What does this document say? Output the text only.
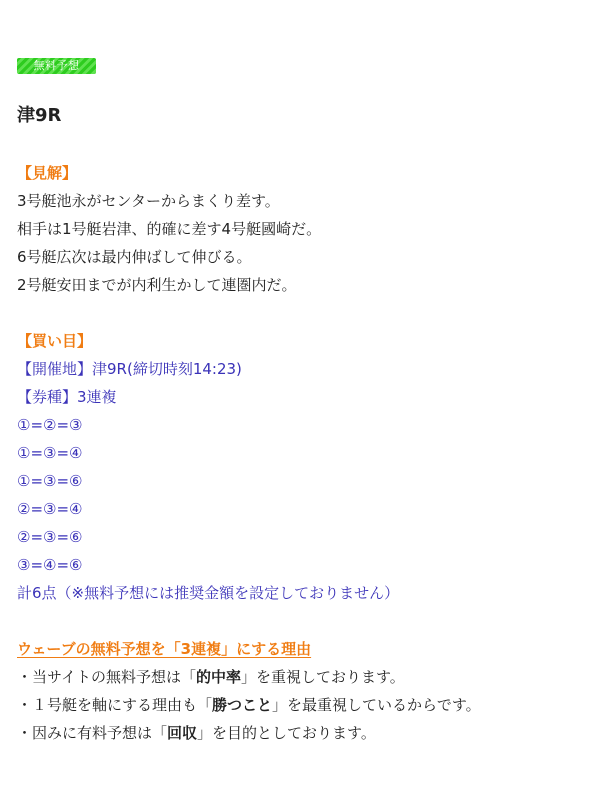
無料予想
津9R
【見解】
3号艇池永がセンターからまくり差す。
相手は1号艇岩津、的確に差す4号艇國崎だ。
6号艇広次は最内伸ばして伸びる。
2号艇安田までが内利生かして連圏内だ。
【買い目】
【開催地】津9R(締切時刻14:23)
【券種】3連複
①=②=③
①=③=④
①=③=⑥
②=③=④
②=③=⑥
③=④=⑥
計6点（※無料予想には推奨金額を設定しておりません）
ウェーブの無料予想を「3連複」にする理由
・当サイトの無料予想は「的中率」を重視しております。
・１号艇を軸にする理由も「勝つこと」を最重視しているからです。
・因みに有料予想は「回収」を目的としております。
